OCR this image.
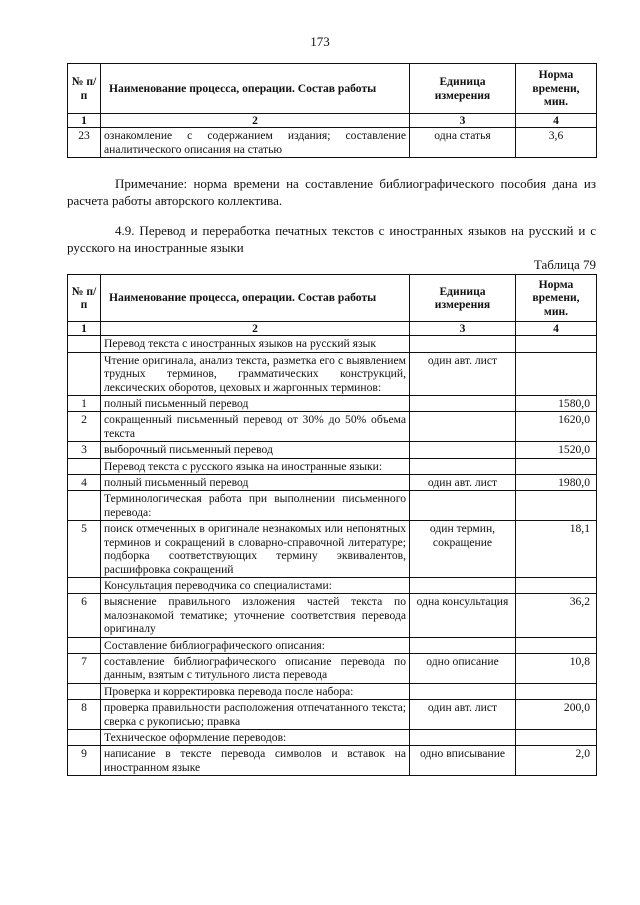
173
№ п/п	Наименование процесса, операции. Состав работы	Единица измерения	Норма времени, мин.
1	2	3	4
23	ознакомление с содержанием издания; составление аналитического описания на статью	одна статья	3,6
Примечание: норма времени на составление библиографического пособия дана из расчета работы авторского коллектива.
4.9. Перевод и переработка печатных текстов с иностранных языков на русский и с русского на иностранные языки
Таблица 79
№ п/п	Наименование процесса, операции. Состав работы	Единица измерения	Норма времени, мин.
1	2	3	4
	Перевод текста с иностранных языков на русский язык		
	Чтение оригинала, анализ текста, разметка его с выявлением трудных терминов, грамматических конструкций, лексических оборотов, цеховых и жаргонных терминов:	один авт. лист	
1	полный письменный перевод		1580,0
2	сокращенный письменный перевод от 30% до 50% объема текста		1620,0
3	выборочный письменный перевод		1520,0
	Перевод текста с русского языка на иностранные языки:		
4	полный письменный перевод	один авт. лист	1980,0
	Терминологическая работа при выполнении письменного перевода:		
5	поиск отмеченных в оригинале незнакомых или непонятных терминов и сокращений в словарно-справочной литературе; подборка соответствующих термину эквивалентов, расшифровка сокращений	один термин, сокращение	18,1
	Консультация переводчика со специалистами:		
6	выяснение правильного изложения частей текста по малознакомой тематике; уточнение соответствия перевода оригиналу	одна консультация	36,2
	Составление библиографического описания:		
7	составление библиографического описание перевода по данным, взятым с титульного листа перевода	одно описание	10,8
	Проверка и корректировка перевода после набора:		
8	проверка правильности расположения отпечатанного текста; сверка с рукописью; правка	один авт. лист	200,0
	Техническое оформление переводов:		
9	написание в тексте перевода символов и вставок на иностранном языке	одно вписывание	2,0
